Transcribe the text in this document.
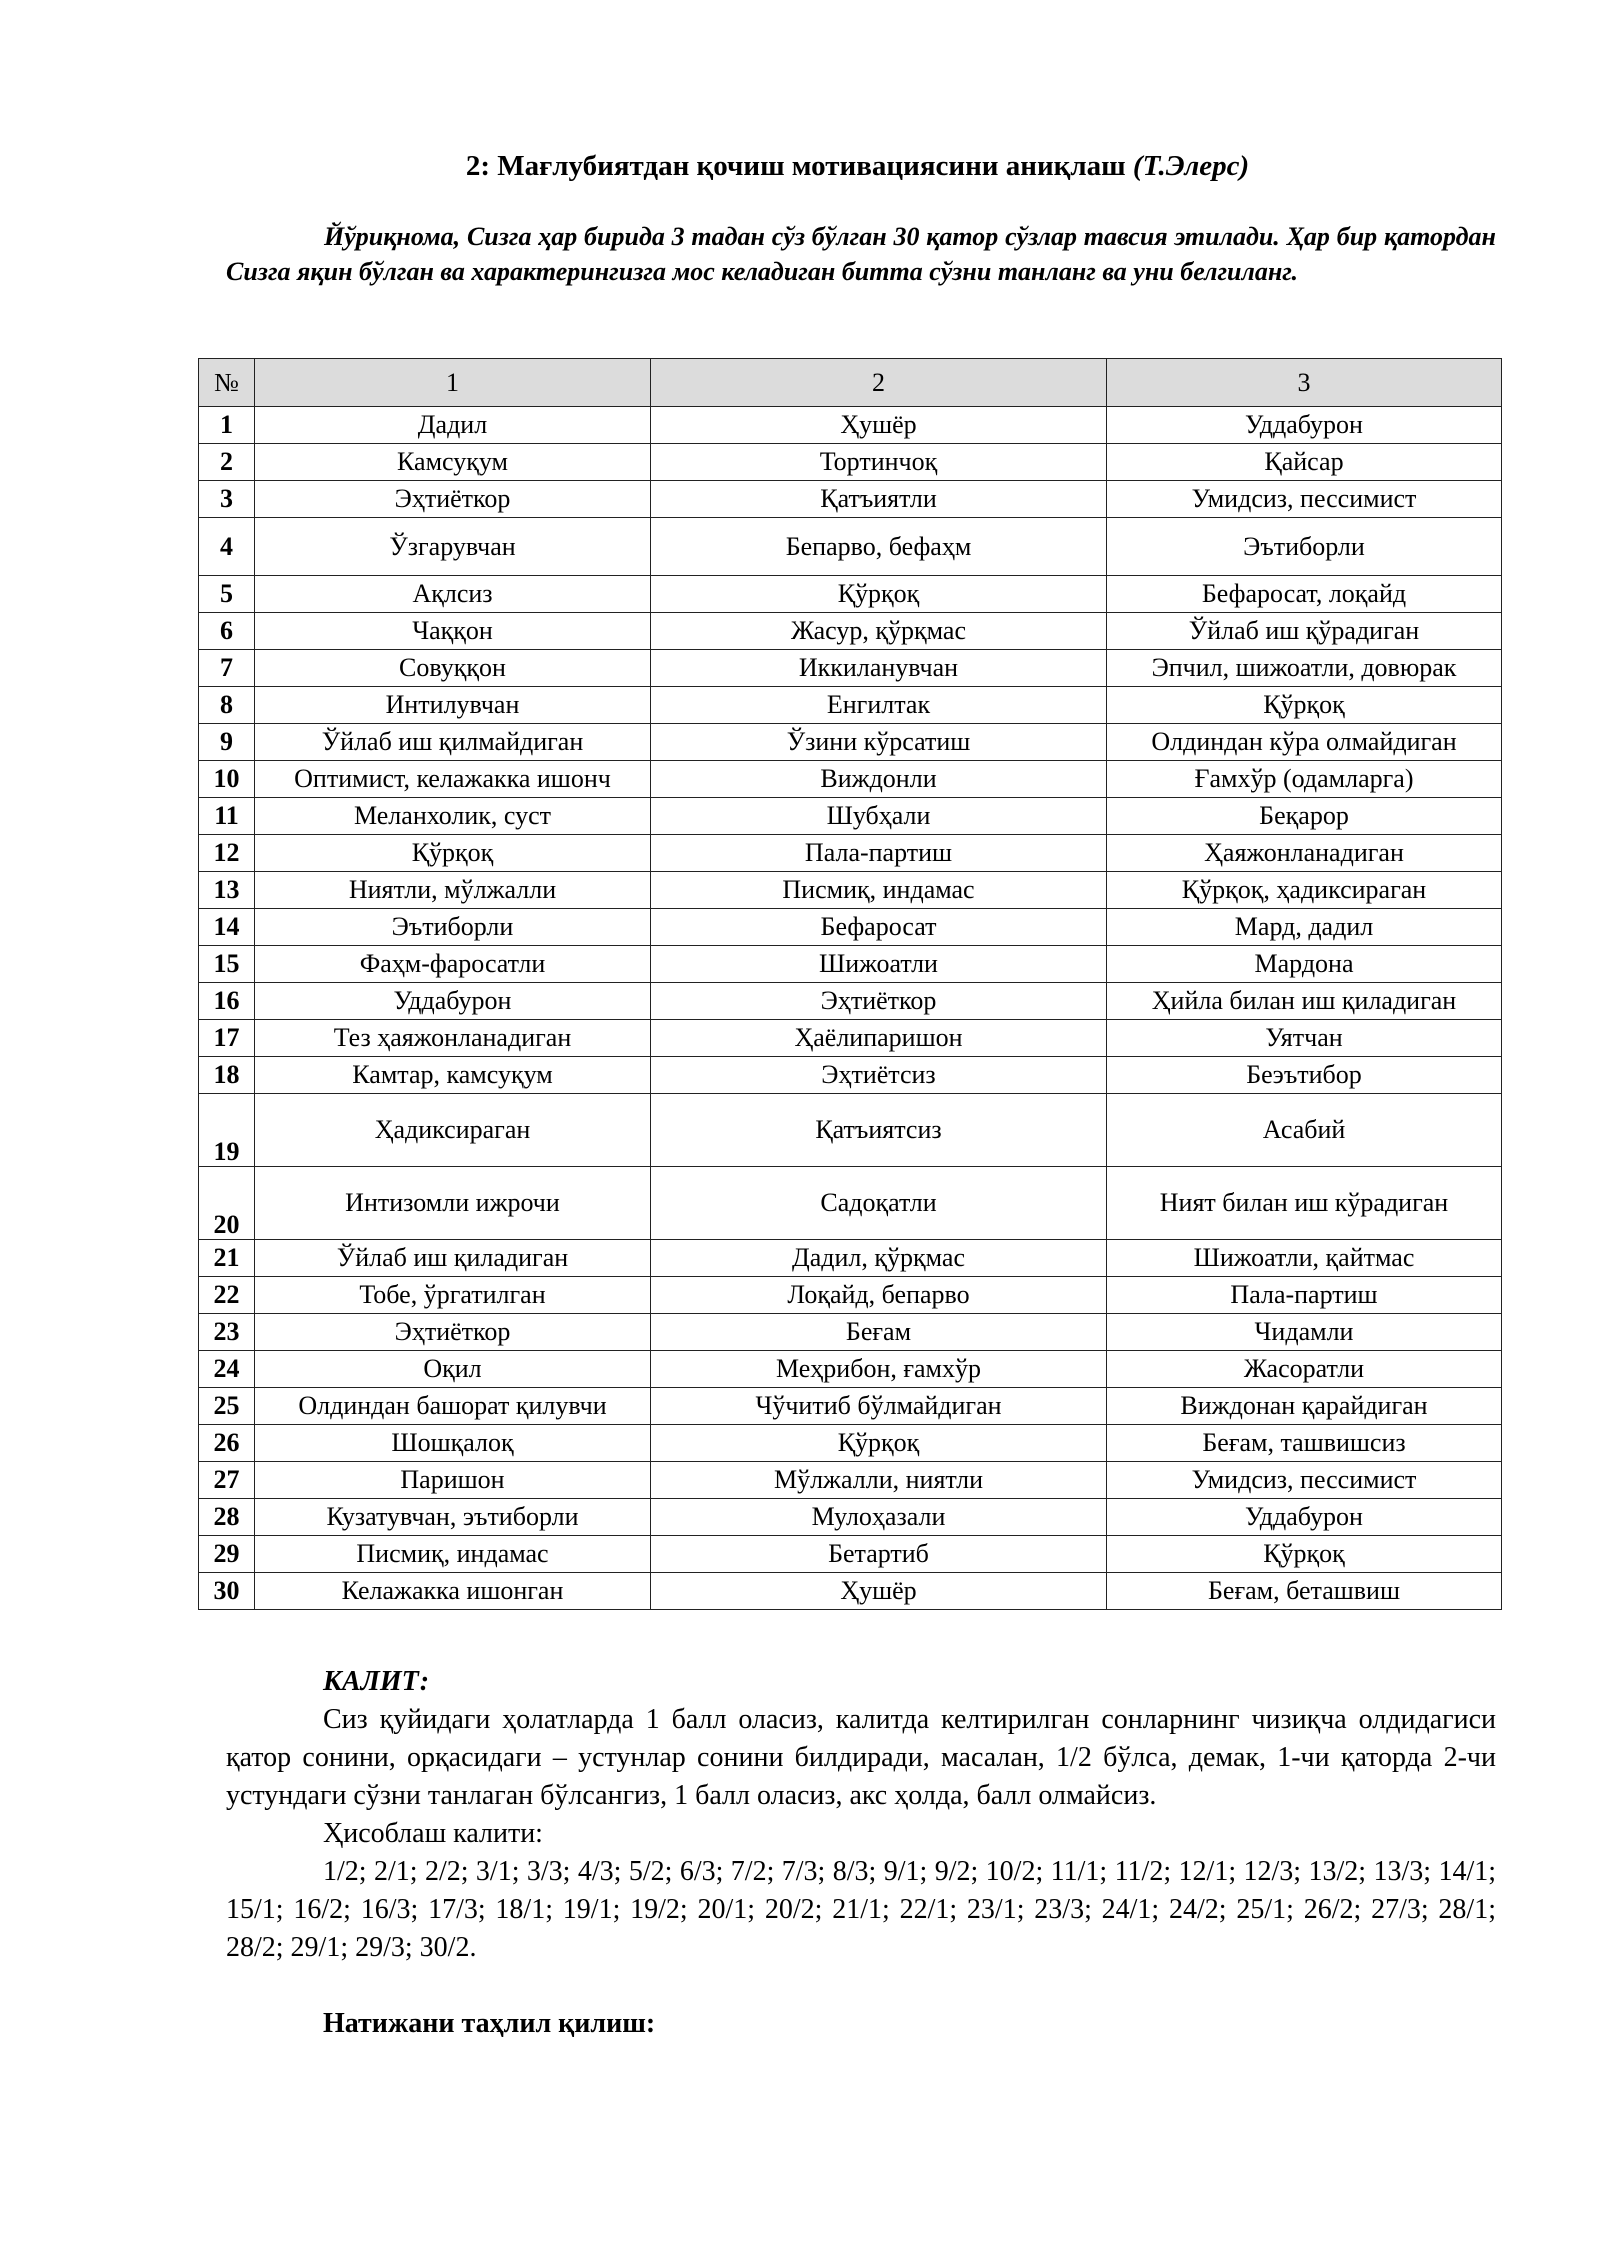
2: Мағлубиятдан қочиш мотивациясини аниқлаш (Т.Элерс)

Йўриқнома, Сизга ҳар бирида 3 тадан сўз бўлган 30 қатор сўзлар тавсия этилади. Ҳар бир қатордан Сизга яқин бўлган ва характерингизга мос келадиган битта сўзни танланг ва уни белгиланг.

№	1	2	3
1	Дадил	Ҳушёр	Уддабурон
2	Камсуқум	Тортинчоқ	Қайсар
3	Эҳтиёткор	Қатъиятли	Умидсиз, пессимист
4	Ўзгарувчан	Бепарво, бефаҳм	Эътиборли
5	Ақлсиз	Қўрқоқ	Бефаросат, лоқайд
6	Чаққон	Жасур, қўрқмас	Ўйлаб иш қўрадиган
7	Совуққон	Иккиланувчан	Эпчил, шижоатли, довюрак
8	Интилувчан	Енгилтак	Қўрқоқ
9	Ўйлаб иш қилмайдиган	Ўзини кўрсатиш	Олдиндан кўра олмайдиган
10	Оптимист, келажакка ишонч	Виждонли	Ғамхўр (одамларга)
11	Меланхолик, суст	Шубҳали	Беқарор
12	Қўрқоқ	Пала-партиш	Ҳаяжонланадиган
13	Ниятли, мўлжалли	Писмиқ, индамас	Қўрқоқ, ҳадиксираган
14	Эътиборли	Бефаросат	Мард, дадил
15	Фаҳм-фаросатли	Шижоатли	Мардона
16	Уддабурон	Эҳтиёткор	Ҳийла билан иш қиладиган
17	Тез ҳаяжонланадиган	Ҳаёлипаришон	Уятчан
18	Камтар, камсуқум	Эҳтиётсиз	Беэътибор
19	Ҳадиксираган	Қатъиятсиз	Асабий
20	Интизомли ижрочи	Садоқатли	Ният билан иш кўрадиган
21	Ўйлаб иш қиладиган	Дадил, қўрқмас	Шижоатли, қайтмас
22	Тобе, ўргатилган	Лоқайд, бепарво	Пала-партиш
23	Эҳтиёткор	Беғам	Чидамли
24	Оқил	Меҳрибон, ғамхўр	Жасоратли
25	Олдиндан башорат қилувчи	Чўчитиб бўлмайдиган	Виждонан қарайдиган
26	Шошқалоқ	Қўрқоқ	Беғам, ташвишсиз
27	Паришон	Мўлжалли, ниятли	Умидсиз, пессимист
28	Кузатувчан, эътиборли	Мулоҳазали	Уддабурон
29	Писмиқ, индамас	Бетартиб	Қўрқоқ
30	Келажакка ишонган	Ҳушёр	Беғам, беташвиш

КАЛИТ:

Сиз қуйидаги ҳолатларда 1 балл оласиз, калитда келтирилган сонларнинг чизиқча олдидагиси қатор сонини, орқасидаги – устунлар сонини билдиради, масалан, 1/2 бўлса, демак, 1-чи қаторда 2-чи устундаги сўзни танлаган бўлсангиз, 1 балл оласиз, акс ҳолда, балл олмайсиз.

Ҳисоблаш калити:

1/2; 2/1; 2/2; 3/1; 3/3; 4/3; 5/2; 6/3; 7/2; 7/3; 8/3; 9/1; 9/2; 10/2; 11/1; 11/2; 12/1; 12/3; 13/2; 13/3; 14/1; 15/1; 16/2; 16/3; 17/3; 18/1; 19/1; 19/2; 20/1; 20/2; 21/1; 22/1; 23/1; 23/3; 24/1; 24/2; 25/1; 26/2; 27/3; 28/1; 28/2; 29/1; 29/3; 30/2.

Натижани таҳлил қилиш:
